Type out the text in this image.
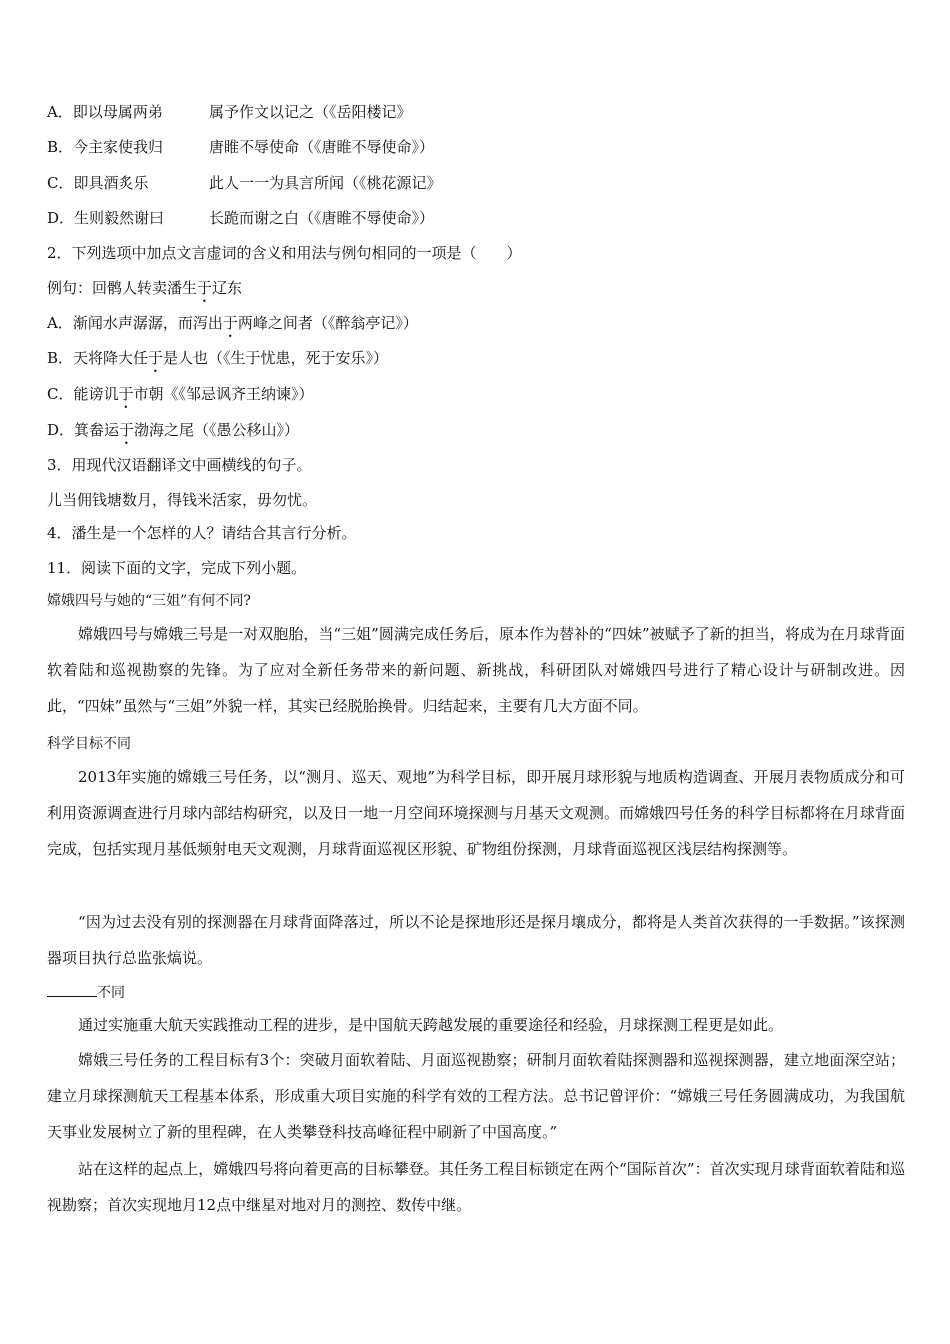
A．即以母属两弟	属予作文以记之（《岳阳楼记》
B．今主家使我归	唐睢不辱使命（《唐睢不辱使命》）
C．即具酒炙乐	此人一一为具言所闻（《桃花源记》
D．生则毅然谢曰	长跪而谢之白（《唐睢不辱使命》）
2．下列选项中加点文言虚词的含义和用法与例句相同的一项是（　　）
例句：回鹘人转卖潘生于辽东
A．渐闻水声潺潺，而泻出于两峰之间者（《醉翁亭记》）
B．天将降大任于是人也（《生于忧患，死于安乐》）
C．能谤讥于市朝《《邹忌讽齐王纳谏》）
D．箕畚运于渤海之尾（《愚公移山》）
3．用现代汉语翻译文中画横线的句子。
儿当佣钱塘数月，得钱米活家，毋勿忧。
4．潘生是一个怎样的人？请结合其言行分析。
11．阅读下面的文字，完成下列小题。
嫦娥四号与她的“三姐”有何不同?
嫦娥四号与嫦娥三号是一对双胞胎，当“三姐”圆满完成任务后，原本作为替补的“四妹”被赋予了新的担当，将成为在月球背面软着陆和巡视勘察的先锋。为了应对全新任务带来的新问题、新挑战，科研团队对嫦娥四号进行了精心设计与研制改进。因此，“四妹”虽然与“三姐”外貌一样，其实已经脱胎换骨。归结起来，主要有几大方面不同。
科学目标不同
2013年实施的嫦娥三号任务，以“测月、巡天、观地”为科学目标，即开展月球形貌与地质构造调查、开展月表物质成分和可利用资源调查进行月球内部结构研究，以及日一地一月空间环境探测与月基天文观测。而嫦娥四号任务的科学目标都将在月球背面完成，包括实现月基低频射电天文观测，月球背面巡视区形貌、矿物组份探测，月球背面巡视区浅层结构探测等。
“因为过去没有别的探测器在月球背面降落过，所以不论是探地形还是探月壤成分，都将是人类首次获得的一手数据。”该探测器项目执行总监张熇说。
不同
通过实施重大航天实践推动工程的进步，是中国航天跨越发展的重要途径和经验，月球探测工程更是如此。
嫦娥三号任务的工程目标有3个：突破月面软着陆、月面巡视勘察；研制月面软着陆探测器和巡视探测器，建立地面深空站；建立月球探测航天工程基本体系，形成重大项目实施的科学有效的工程方法。总书记曾评价：“嫦娥三号任务圆满成功，为我国航天事业发展树立了新的里程碑，在人类攀登科技高峰征程中刷新了中国高度。”
站在这样的起点上，嫦娥四号将向着更高的目标攀登。其任务工程目标锁定在两个“国际首次”：首次实现月球背面软着陆和巡视勘察；首次实现地月12点中继星对地对月的测控、数传中继。
